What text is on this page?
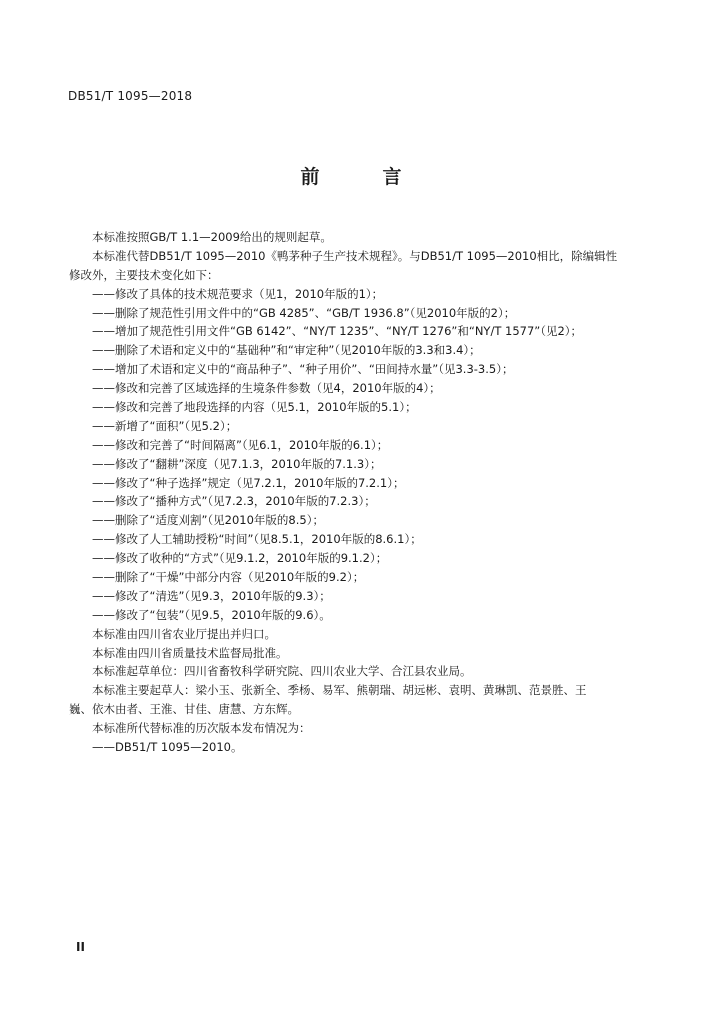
DB51/T 1095—2018
前　言
本标准按照GB/T 1.1—2009给出的规则起草。
本标准代替DB51/T 1095—2010《鸭茅种子生产技术规程》。与DB51/T 1095—2010相比，除编辑性
修改外，主要技术变化如下：
——修改了具体的技术规范要求（见1，2010年版的1）；
——删除了规范性引用文件中的“GB 4285”、“GB/T 1936.8”（见2010年版的2）；
——增加了规范性引用文件“GB 6142”、“NY/T 1235”、“NY/T 1276”和“NY/T 1577”（见2）；
——删除了术语和定义中的“基础种”和“审定种”（见2010年版的3.3和3.4）；
——增加了术语和定义中的“商品种子”、“种子用价”、“田间持水量”（见3.3-3.5）；
——修改和完善了区域选择的生境条件参数（见4，2010年版的4）；
——修改和完善了地段选择的内容（见5.1，2010年版的5.1）；
——新增了“面积”（见5.2）；
——修改和完善了“时间隔离”（见6.1，2010年版的6.1）；
——修改了“翻耕”深度（见7.1.3，2010年版的7.1.3）；
——修改了“种子选择”规定（见7.2.1，2010年版的7.2.1）；
——修改了“播种方式”（见7.2.3，2010年版的7.2.3）；
——删除了“适度刈割”（见2010年版的8.5）；
——修改了人工辅助授粉“时间”（见8.5.1，2010年版的8.6.1）；
——修改了收种的“方式”（见9.1.2，2010年版的9.1.2）；
——删除了“干燥”中部分内容（见2010年版的9.2）；
——修改了“清选”（见9.3，2010年版的9.3）；
——修改了“包装”（见9.5，2010年版的9.6）。
本标准由四川省农业厅提出并归口。
本标准由四川省质量技术监督局批准。
本标准起草单位：四川省畜牧科学研究院、四川农业大学、合江县农业局。
本标准主要起草人：梁小玉、张新全、季杨、易军、熊朝瑞、胡远彬、袁明、黄琳凯、范景胜、王
巍、依木由者、王淮、甘佳、唐慧、方东辉。
本标准所代替标准的历次版本发布情况为：
——DB51/T 1095—2010。
II
